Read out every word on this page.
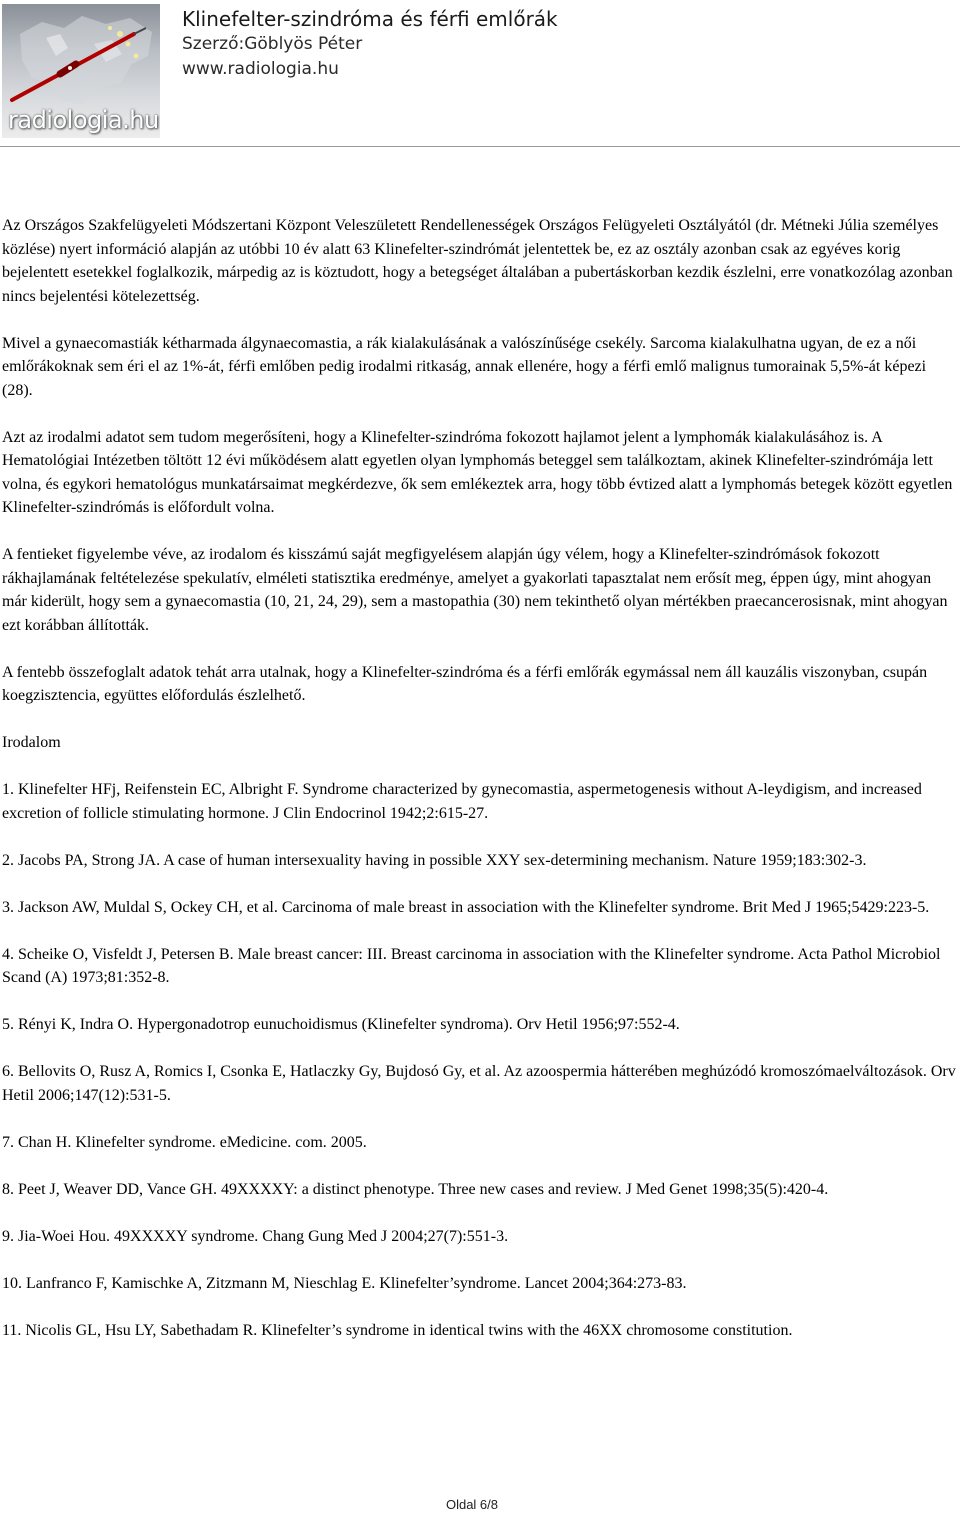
radiologia.hu
Klinefelter-szindróma és férfi emlőrák
Szerző:Göblyös Péter
www.radiologia.hu

Az Országos Szakfelügyeleti Módszertani Központ Veleszületett Rendellenességek Országos Felügyeleti Osztályától (dr. Métneki Júlia személyes közlése) nyert információ alapján az utóbbi 10 év alatt 63 Klinefelter-szindrómát jelentettek be, ez az osztály azonban csak az egyéves korig bejelentett esetekkel foglalkozik, márpedig az is köztudott, hogy a betegséget általában a pubertáskorban kezdik észlelni, erre vonatkozólag azonban nincs bejelentési kötelezettség.

Mivel a gynaecomastiák kétharmada álgynaecomastia, a rák kialakulásának a valószínűsége csekély. Sarcoma kialakulhatna ugyan, de ez a női emlőrákoknak sem éri el az 1%-át, férfi emlőben pedig irodalmi ritkaság, annak ellenére, hogy a férfi emlő malignus tumorainak 5,5%-át képezi (28).

Azt az irodalmi adatot sem tudom megerősíteni, hogy a Klinefelter-szindróma fokozott hajlamot jelent a lymphomák kialakulásához is. A Hematológiai Intézetben töltött 12 évi működésem alatt egyetlen olyan lymphomás beteggel sem találkoztam, akinek Klinefelter-szindrómája lett volna, és egykori hematológus munkatársaimat megkérdezve, ők sem emlékeztek arra, hogy több évtized alatt a lymphomás betegek között egyetlen Klinefelter-szindrómás is előfordult volna.

A fentieket figyelembe véve, az irodalom és kisszámú saját megfigyelésem alapján úgy vélem, hogy a Klinefelter-szindrómások fokozott rákhajlamának feltételezése spekulatív, elméleti statisztika eredménye, amelyet a gyakorlati tapasztalat nem erősít meg, éppen úgy, mint ahogyan már kiderült, hogy sem a gynaecomastia (10, 21, 24, 29), sem a mastopathia (30) nem tekinthető olyan mértékben praecancerosisnak, mint ahogyan ezt korábban állították.

A fentebb összefoglalt adatok tehát arra utalnak, hogy a Klinefelter-szindróma és a férfi emlőrák egymással nem áll kauzális viszonyban, csupán koegzisztencia, együttes előfordulás észlelhető.

Irodalom

1. Klinefelter HFj, Reifenstein EC, Albright F. Syndrome characterized by gynecomastia, aspermetogenesis without A-leydigism, and increased excretion of follicle stimulating hormone. J Clin Endocrinol 1942;2:615-27.

2. Jacobs PA, Strong JA. A case of human intersexuality having in possible XXY sex-determining mechanism. Nature 1959;183:302-3.

3. Jackson AW, Muldal S, Ockey CH, et al. Carcinoma of male breast in association with the Klinefelter syndrome. Brit Med J 1965;5429:223-5.

4. Scheike O, Visfeldt J, Petersen B. Male breast cancer: III. Breast carcinoma in association with the Klinefelter syndrome. Acta Pathol Microbiol Scand (A) 1973;81:352-8.

5. Rényi K, Indra O. Hypergonadotrop eunuchoidismus (Klinefelter syndroma). Orv Hetil 1956;97:552-4.

6. Bellovits O, Rusz A, Romics I, Csonka E, Hatlaczky Gy, Bujdosó Gy, et al. Az azoospermia hátterében meghúzódó kromoszómaelváltozások. Orv Hetil 2006;147(12):531-5.

7. Chan H. Klinefelter syndrome. eMedicine. com. 2005.

8. Peet J, Weaver DD, Vance GH. 49XXXXY: a distinct phenotype. Three new cases and review. J Med Genet 1998;35(5):420-4.

9. Jia-Woei Hou. 49XXXXY syndrome. Chang Gung Med J 2004;27(7):551-3.

10. Lanfranco F, Kamischke A, Zitzmann M, Nieschlag E. Klinefelter’syndrome. Lancet 2004;364:273-83.

11. Nicolis GL, Hsu LY, Sabethadam R. Klinefelter’s syndrome in identical twins with the 46XX chromosome constitution.

Oldal 6/8
